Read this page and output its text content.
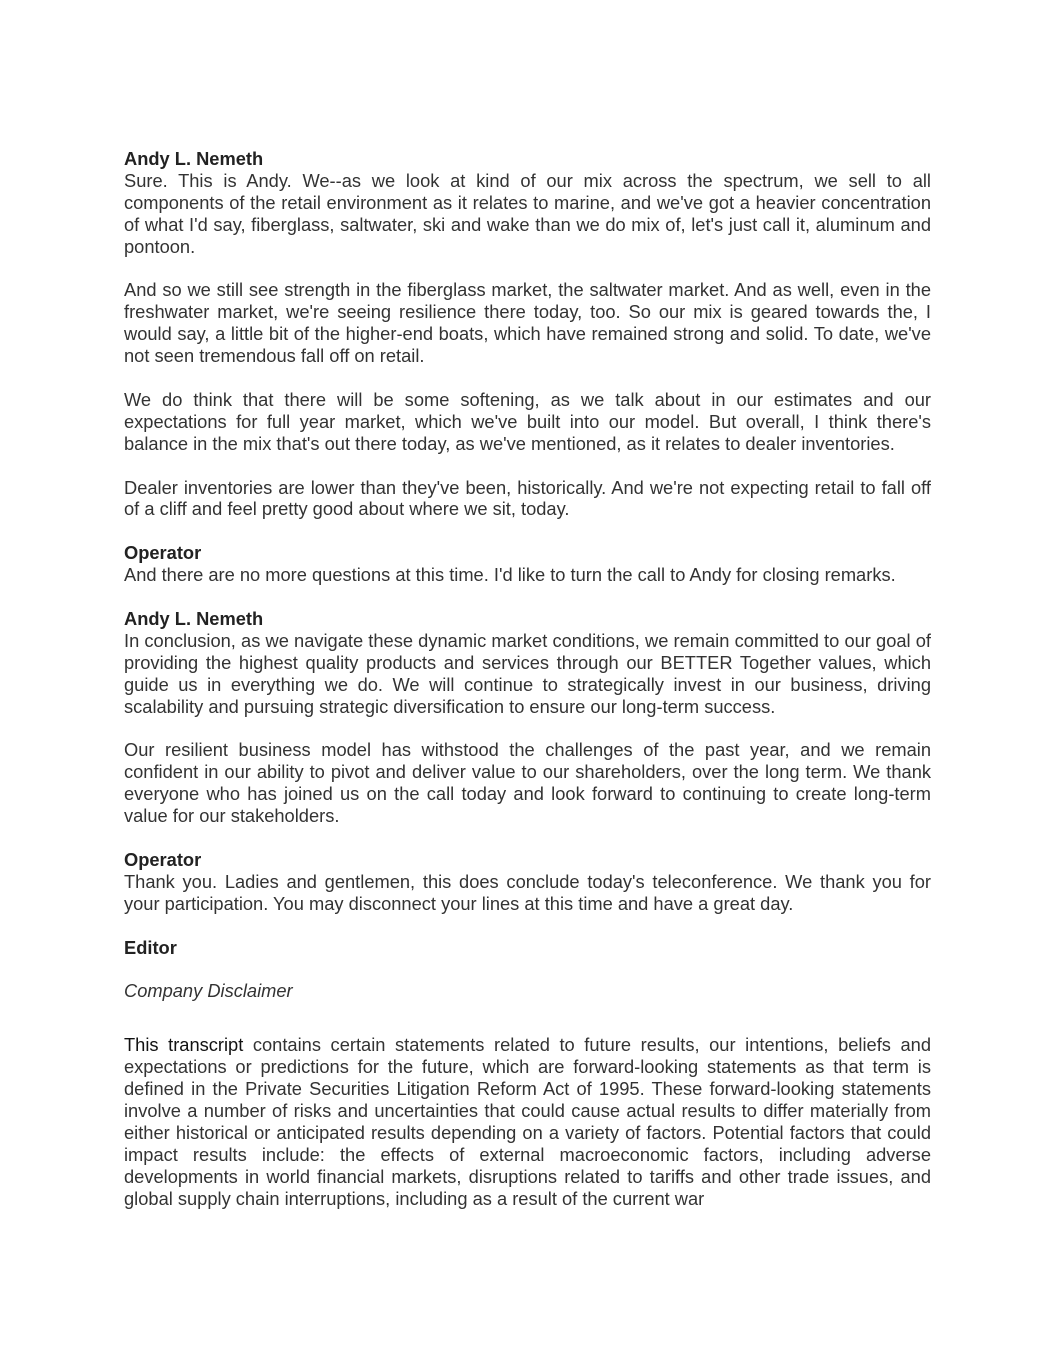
Andy L. Nemeth

Sure. This is Andy. We--as we look at kind of our mix across the spectrum, we sell to all components of the retail environment as it relates to marine, and we've got a heavier concentration of what I'd say, fiberglass, saltwater, ski and wake than we do mix of, let's just call it, aluminum and pontoon.

And so we still see strength in the fiberglass market, the saltwater market. And as well, even in the freshwater market, we're seeing resilience there today, too. So our mix is geared towards the, I would say, a little bit of the higher-end boats, which have remained strong and solid. To date, we've not seen tremendous fall off on retail.

We do think that there will be some softening, as we talk about in our estimates and our expectations for full year market, which we've built into our model. But overall, I think there's balance in the mix that's out there today, as we've mentioned, as it relates to dealer inventories.

Dealer inventories are lower than they've been, historically. And we're not expecting retail to fall off of a cliff and feel pretty good about where we sit, today.

Operator

And there are no more questions at this time. I'd like to turn the call to Andy for closing remarks.

Andy L. Nemeth

In conclusion, as we navigate these dynamic market conditions, we remain committed to our goal of providing the highest quality products and services through our BETTER Together values, which guide us in everything we do. We will continue to strategically invest in our business, driving scalability and pursuing strategic diversification to ensure our long-term success.

Our resilient business model has withstood the challenges of the past year, and we remain confident in our ability to pivot and deliver value to our shareholders, over the long term. We thank everyone who has joined us on the call today and look forward to continuing to create long-term value for our stakeholders.

Operator

Thank you. Ladies and gentlemen, this does conclude today's teleconference. We thank you for your participation. You may disconnect your lines at this time and have a great day.

Editor

Company Disclaimer

This transcript contains certain statements related to future results, our intentions, beliefs and expectations or predictions for the future, which are forward-looking statements as that term is defined in the Private Securities Litigation Reform Act of 1995. These forward-looking statements involve a number of risks and uncertainties that could cause actual results to differ materially from either historical or anticipated results depending on a variety of factors. Potential factors that could impact results include: the effects of external macroeconomic factors, including adverse developments in world financial markets, disruptions related to tariffs and other trade issues, and global supply chain interruptions, including as a result of the current war
